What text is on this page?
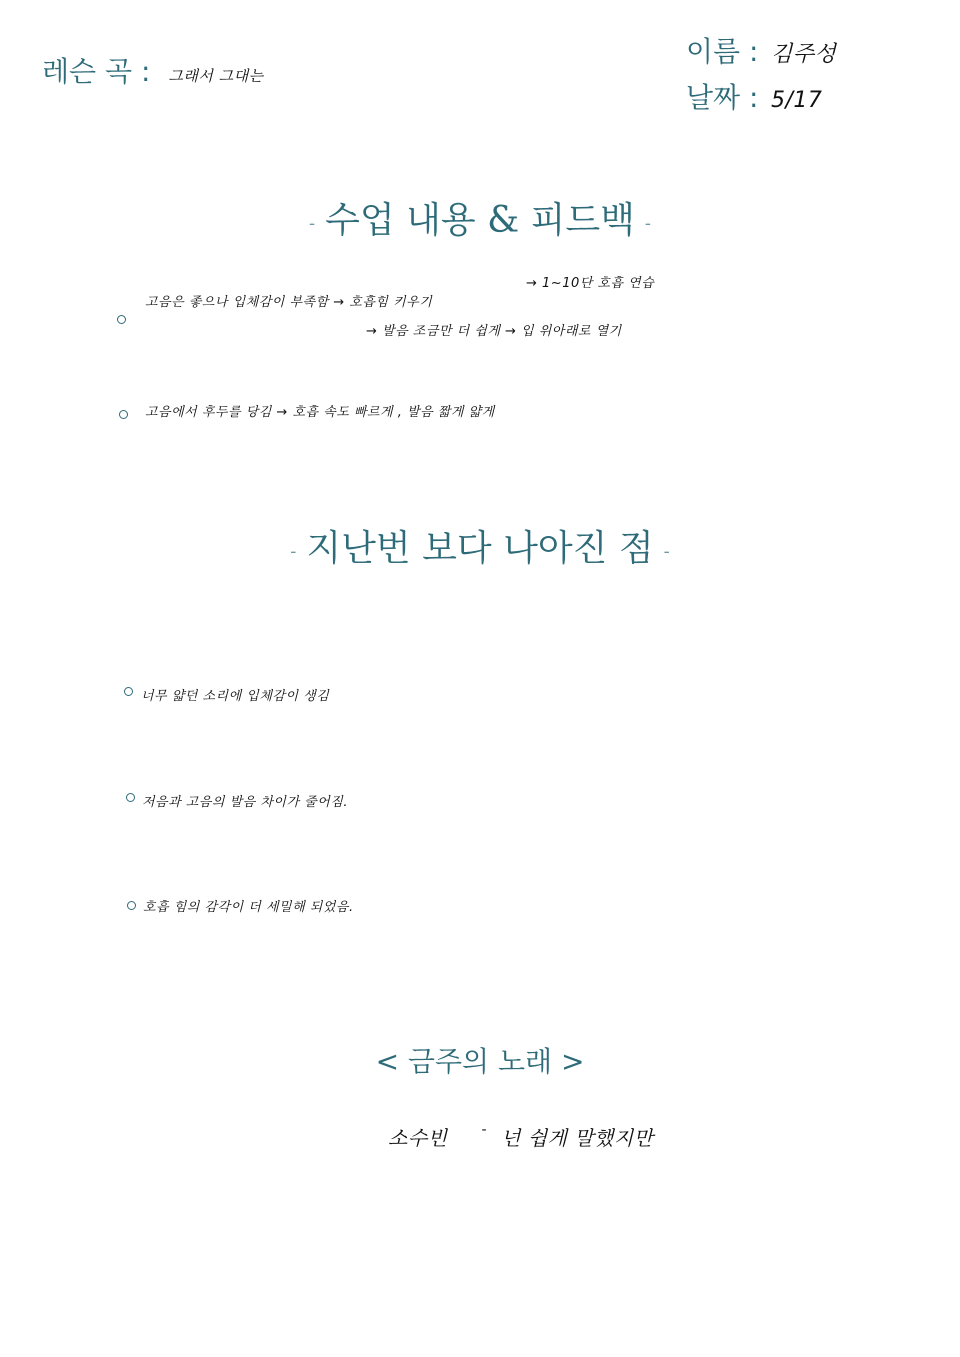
레슨 곡 : 그래서 그대는
이름 : 김주성
날짜 : 5/17
- 수업 내용 & 피드백 -
고음은 좋으나 입체감이 부족함 → 호흡힘 키우기
→ 1~10단 호흡 연습
→ 발음 조금만 더 쉽게 → 입 위아래로 열기
고음에서 후두를 당김 → 호흡 속도 빠르게 , 발음 짧게 얇게
- 지난번 보다 나아진 점 -
너무 얇던 소리에 입체감이 생김
저음과 고음의 발음 차이가 줄어짐.
호흡 힘의 감각이 더 세밀해 되었음.
< 금주의 노래 >
소수빈 - 넌 쉽게 말했지만
